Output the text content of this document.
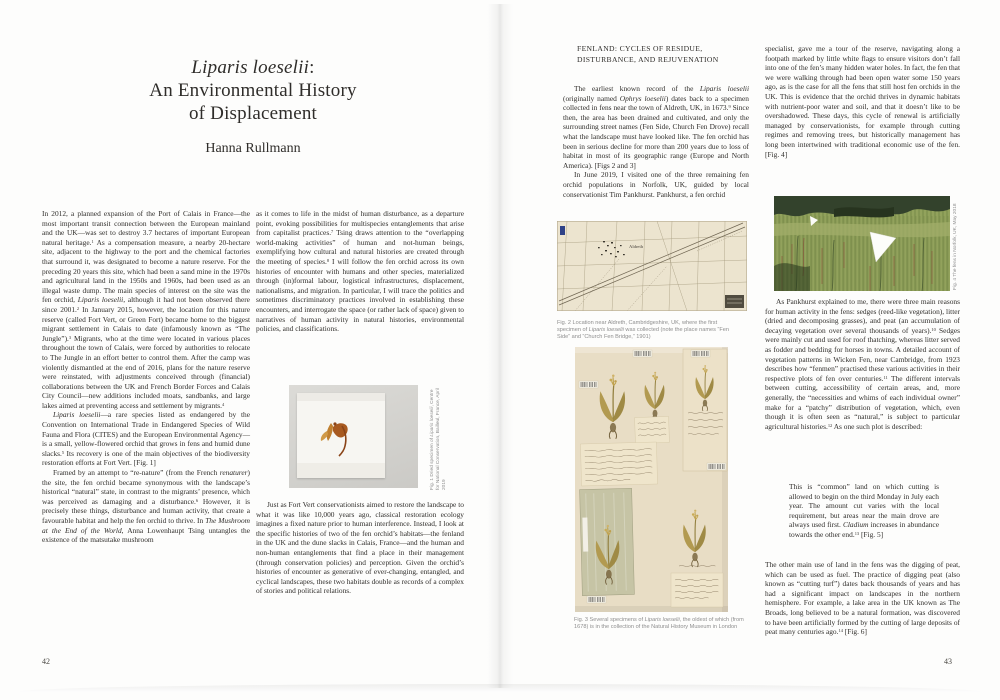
Liparis loeselii:
An Environmental History
of Displacement
Hanna Rullmann

In 2012, a planned expansion of the Port of Calais in France—the most important transit connection between the European mainland and the UK—was set to destroy 3.7 hectares of important European natural heritage.$^1$ As a compensation measure, a nearby 20-hectare site, adjacent to the highway to the port and the chemical factories that surround it, was designated to become a nature reserve. For the preceding 20 years this site, which had been a sand mine in the 1970s and agricultural land in the 1950s and 1960s, had been used as an illegal waste dump. The main species of interest on the site was the fen orchid, Liparis loeselii, although it had not been observed there since 2001.$^2$ In January 2015, however, the location for this nature reserve (called Fort Vert, or Green Fort) became home to the biggest migrant settlement in Calais to date (infamously known as “The Jungle”).$^3$ Migrants, who at the time were located in various places throughout the town of Calais, were forced by authorities to relocate to The Jungle in an effort better to control them. After the camp was violently dismantled at the end of 2016, plans for the nature reserve were reinstated, with adjustments conceived through (financial) collaborations between the UK and French Border Forces and Calais City Council—new additions included moats, sandbanks, and large lakes aimed at preventing access and settlement by migrants.$^4$

Liparis loeselii—a rare species listed as endangered by the Convention on International Trade in Endangered Species of Wild Fauna and Flora (CITES) and the European Environmental Agency—is a small, yellow-flowered orchid that grows in fens and humid dune slacks.$^5$ Its recovery is one of the main objectives of the biodiversity restoration efforts at Fort Vert. [Fig. 1]

Framed by an attempt to “re-nature” (from the French renaturer) the site, the fen orchid became synonymous with the landscape’s historical “natural” state, in contrast to the migrants’ presence, which was perceived as damaging and a disturbance.$^6$ However, it is precisely these things, disturbance and human activity, that create a favourable habitat and help the fen orchid to thrive. In The Mushroom at the End of the World, Anna Lowenhaupt Tsing untangles the existence of the matsutake mushroom

as it comes to life in the midst of human disturbance, as a departure point, evoking possibilities for multispecies entanglements that arise from capitalist practices.$^7$ Tsing draws attention to the “overlapping world-making activities” of human and not-human beings, exemplifying how cultural and natural histories are created through the meeting of species.$^8$ I will follow the fen orchid across its own histories of encounter with humans and other species, materialized through (in)formal labour, logistical infrastructures, displacement, nationalisms, and migration. In particular, I will trace the politics and sometimes discriminatory practices involved in establishing these encounters, and interrogate the space (or rather lack of space) given to narratives of human activity in natural histories, environmental policies, and classifications.

Fig. 1 Dried specimen of Liparis loeselii, Centre for National Conservation, Bailleul, France, April 2019

Just as Fort Vert conservationists aimed to restore the landscape to what it was like 10,000 years ago, classical restoration ecology imagines a fixed nature prior to human interference. Instead, I look at the specific histories of two of the fen orchid’s habitats—the fenland in the UK and the dune slacks in Calais, France—and the human and non-human entanglements that find a place in their management (through conservation policies) and perception. Given the orchid’s histories of encounter as generative of ever-changing, entangled, and cyclical landscapes, these two habitats double as records of a complex of stories and political relations.

42
FENLAND: CYCLES OF RESIDUE,
DISTURBANCE, AND REJUVENATION

The earliest known record of the Liparis loeselii (originally named Ophrys loeselii) dates back to a specimen collected in fens near the town of Aldreth, UK, in 1673.$^9$ Since then, the area has been drained and cultivated, and only the surrounding street names (Fen Side, Church Fen Drove) recall what the landscape must have looked like. The fen orchid has been in serious decline for more than 200 years due to loss of habitat in most of its geographic range (Europe and North America). [Figs 2 and 3]

In June 2019, I visited one of the three remaining fen orchid populations in Norfolk, UK, guided by local conservationist Tim Pankhurst. Pankhurst, a fen orchid

Aldreth
Fig. 2 Location near Aldreth, Cambridgeshire, UK, where the first specimen of Liparis loeselii was collected (note the place names “Fen Side” and “Church Fen Bridge,” 1901)
Fig. 3 Several specimens of Liparis loeselii, the oldest of which (from 1678) is in the collection of the Natural History Museum in London

specialist, gave me a tour of the reserve, navigating along a footpath marked by little white flags to ensure visitors don’t fall into one of the fen’s many hidden water holes. In fact, the fen that we were walking through had been open water some 150 years ago, as is the case for all the fens that still host fen orchids in the UK. This is evidence that the orchid thrives in dynamic habitats with nutrient-poor water and soil, and that it doesn’t like to be overshadowed. These days, this cycle of renewal is artificially managed by conservationists, for example through cutting regimes and removing trees, but historically management has long been intertwined with traditional economic use of the fen. [Fig. 4]

Fig. 4 The fens in Norfolk, UK, May 2018

As Pankhurst explained to me, there were three main reasons for human activity in the fens: sedges (reed-like vegetation), litter (dried and decomposing grasses), and peat (an accumulation of decaying vegetation over several thousands of years).$^{10}$ Sedges were mainly cut and used for roof thatching, whereas litter served as fodder and bedding for horses in towns. A detailed account of vegetation patterns in Wicken Fen, near Cambridge, from 1923 describes how “fenmen” practised these various activities in their respective plots of fen over centuries.$^{11}$ The different intervals between cutting, accessibility of certain areas, and, more generally, the “necessities and whims of each individual owner” make for a “patchy” distribution of vegetation, which, even though it is often seen as “natural,” is subject to particular agricultural histories.$^{12}$ As one such plot is described:

This is “common” land on which cutting is allowed to begin on the third Monday in July each year. The amount cut varies with the local requirement, but areas near the main drove are always used first. Cladium increases in abundance towards the other end.$^{13}$ [Fig. 5]

The other main use of land in the fens was the digging of peat, which can be used as fuel. The practice of digging peat (also known as “cutting turf”) dates back thousands of years and has had a significant impact on landscapes in the northern hemisphere. For example, a lake area in the UK known as The Broads, long believed to be a natural formation, was discovered to have been artificially formed by the cutting of large deposits of peat many centuries ago.$^{14}$ [Fig. 6]

43
